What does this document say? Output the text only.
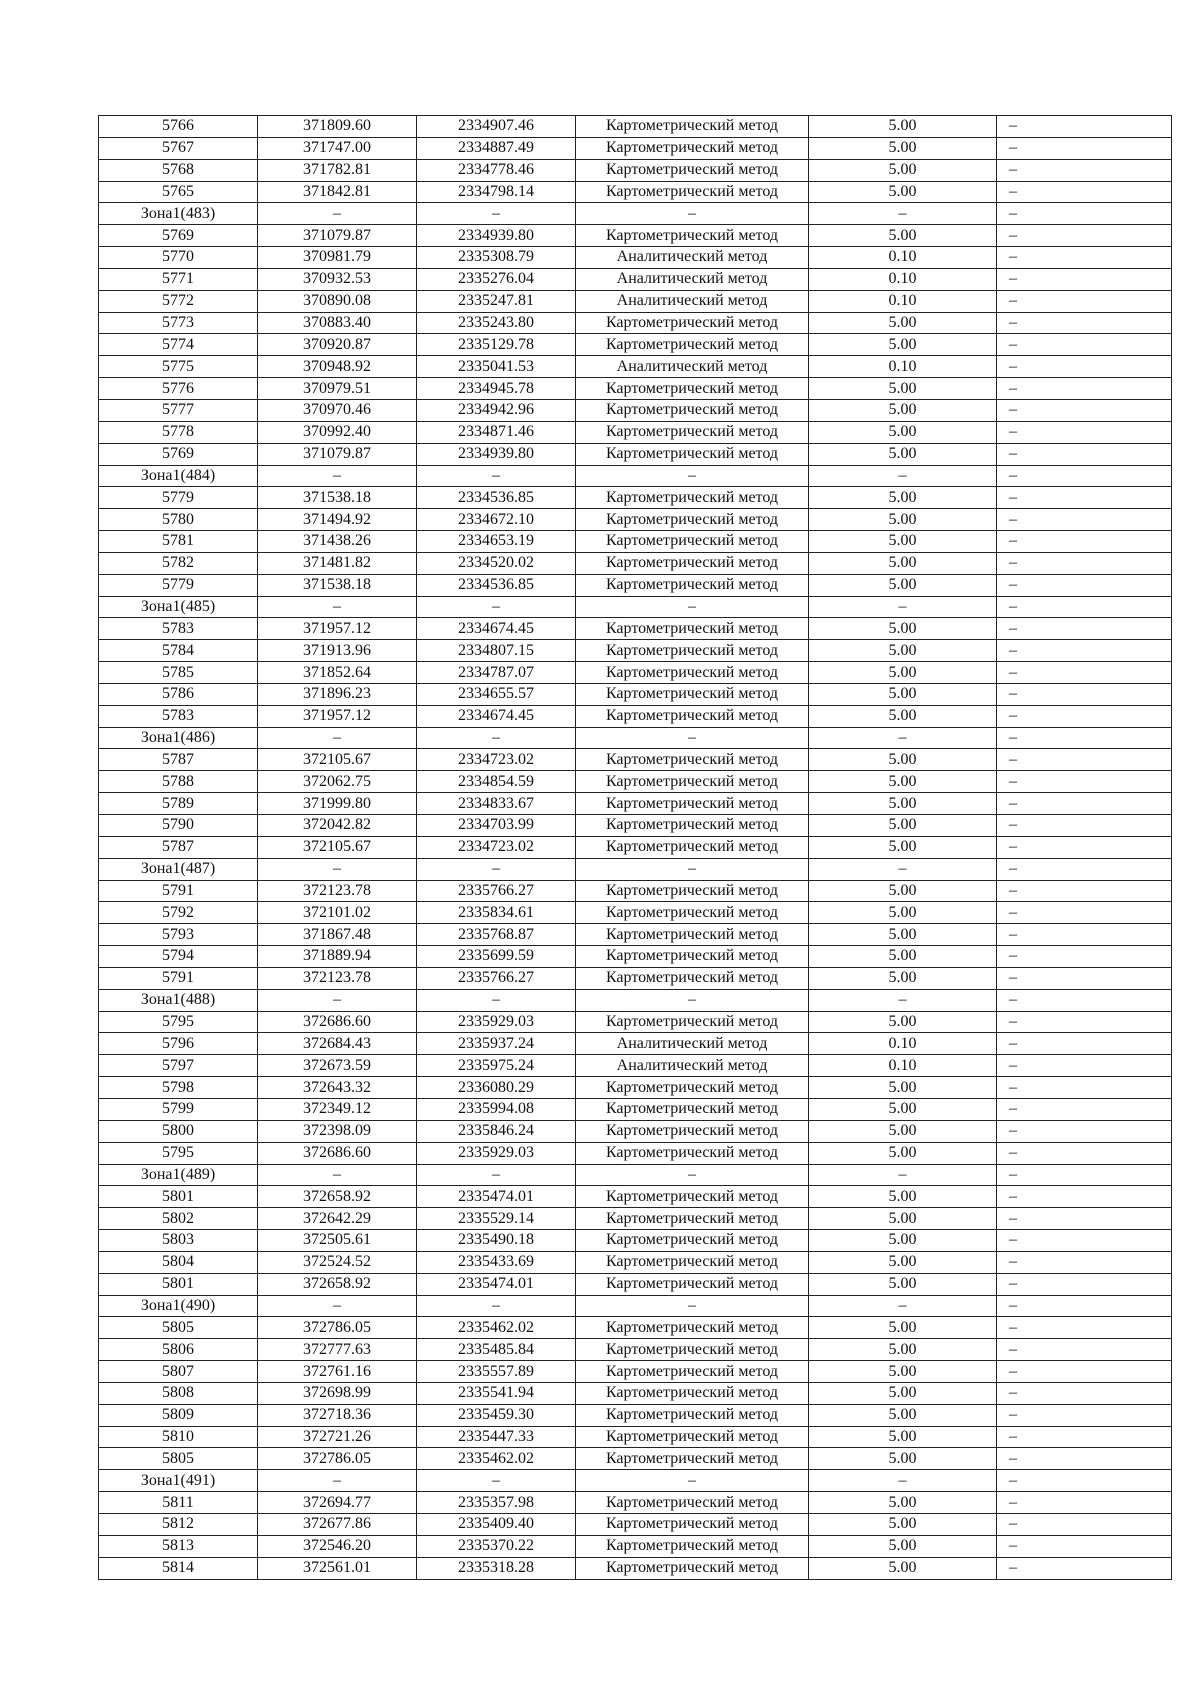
5766	371809.60	2334907.46	Картометрический метод	5.00	–
5767	371747.00	2334887.49	Картометрический метод	5.00	–
5768	371782.81	2334778.46	Картометрический метод	5.00	–
5765	371842.81	2334798.14	Картометрический метод	5.00	–
Зона1(483)	–	–	–	–	–
5769	371079.87	2334939.80	Картометрический метод	5.00	–
5770	370981.79	2335308.79	Аналитический метод	0.10	–
5771	370932.53	2335276.04	Аналитический метод	0.10	–
5772	370890.08	2335247.81	Аналитический метод	0.10	–
5773	370883.40	2335243.80	Картометрический метод	5.00	–
5774	370920.87	2335129.78	Картометрический метод	5.00	–
5775	370948.92	2335041.53	Аналитический метод	0.10	–
5776	370979.51	2334945.78	Картометрический метод	5.00	–
5777	370970.46	2334942.96	Картометрический метод	5.00	–
5778	370992.40	2334871.46	Картометрический метод	5.00	–
5769	371079.87	2334939.80	Картометрический метод	5.00	–
Зона1(484)	–	–	–	–	–
5779	371538.18	2334536.85	Картометрический метод	5.00	–
5780	371494.92	2334672.10	Картометрический метод	5.00	–
5781	371438.26	2334653.19	Картометрический метод	5.00	–
5782	371481.82	2334520.02	Картометрический метод	5.00	–
5779	371538.18	2334536.85	Картометрический метод	5.00	–
Зона1(485)	–	–	–	–	–
5783	371957.12	2334674.45	Картометрический метод	5.00	–
5784	371913.96	2334807.15	Картометрический метод	5.00	–
5785	371852.64	2334787.07	Картометрический метод	5.00	–
5786	371896.23	2334655.57	Картометрический метод	5.00	–
5783	371957.12	2334674.45	Картометрический метод	5.00	–
Зона1(486)	–	–	–	–	–
5787	372105.67	2334723.02	Картометрический метод	5.00	–
5788	372062.75	2334854.59	Картометрический метод	5.00	–
5789	371999.80	2334833.67	Картометрический метод	5.00	–
5790	372042.82	2334703.99	Картометрический метод	5.00	–
5787	372105.67	2334723.02	Картометрический метод	5.00	–
Зона1(487)	–	–	–	–	–
5791	372123.78	2335766.27	Картометрический метод	5.00	–
5792	372101.02	2335834.61	Картометрический метод	5.00	–
5793	371867.48	2335768.87	Картометрический метод	5.00	–
5794	371889.94	2335699.59	Картометрический метод	5.00	–
5791	372123.78	2335766.27	Картометрический метод	5.00	–
Зона1(488)	–	–	–	–	–
5795	372686.60	2335929.03	Картометрический метод	5.00	–
5796	372684.43	2335937.24	Аналитический метод	0.10	–
5797	372673.59	2335975.24	Аналитический метод	0.10	–
5798	372643.32	2336080.29	Картометрический метод	5.00	–
5799	372349.12	2335994.08	Картометрический метод	5.00	–
5800	372398.09	2335846.24	Картометрический метод	5.00	–
5795	372686.60	2335929.03	Картометрический метод	5.00	–
Зона1(489)	–	–	–	–	–
5801	372658.92	2335474.01	Картометрический метод	5.00	–
5802	372642.29	2335529.14	Картометрический метод	5.00	–
5803	372505.61	2335490.18	Картометрический метод	5.00	–
5804	372524.52	2335433.69	Картометрический метод	5.00	–
5801	372658.92	2335474.01	Картометрический метод	5.00	–
Зона1(490)	–	–	–	–	–
5805	372786.05	2335462.02	Картометрический метод	5.00	–
5806	372777.63	2335485.84	Картометрический метод	5.00	–
5807	372761.16	2335557.89	Картометрический метод	5.00	–
5808	372698.99	2335541.94	Картометрический метод	5.00	–
5809	372718.36	2335459.30	Картометрический метод	5.00	–
5810	372721.26	2335447.33	Картометрический метод	5.00	–
5805	372786.05	2335462.02	Картометрический метод	5.00	–
Зона1(491)	–	–	–	–	–
5811	372694.77	2335357.98	Картометрический метод	5.00	–
5812	372677.86	2335409.40	Картометрический метод	5.00	–
5813	372546.20	2335370.22	Картометрический метод	5.00	–
5814	372561.01	2335318.28	Картометрический метод	5.00	–
